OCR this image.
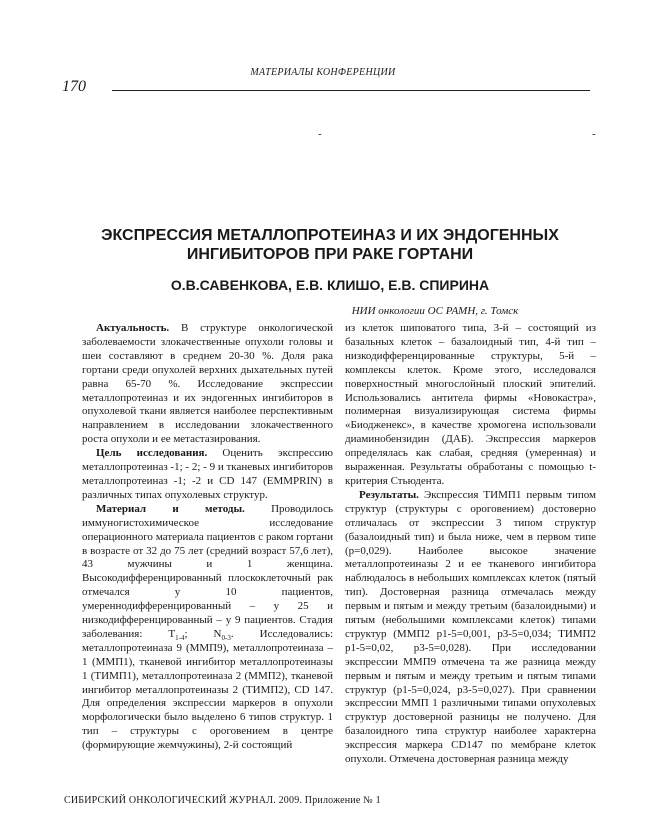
МАТЕРИАЛЫ КОНФЕРЕНЦИИ
170
-	-
ЭКСПРЕССИЯ МЕТАЛЛОПРОТЕИНАЗ И ИХ ЭНДОГЕННЫХ
ИНГИБИТОРОВ ПРИ РАКЕ ГОРТАНИ
О.В.САВЕНКОВА, Е.В. КЛИШО, Е.В. СПИРИНА
НИИ онкологии ОС РАМН, г. Томск

Актуальность. В структуре онкологической заболеваемости злокачественные опухоли головы и шеи составляют в среднем 20-30 %. Доля рака гортани среди опухолей верхних дыхательных путей равна 65-70 %. Исследование экспрессии металлопротеиназ и их эндогенных ингибиторов в опухолевой ткани является наиболее перспективным направлением в исследовании злокачественного роста опухоли и ее метастазирования.

Цель исследования. Оценить экспрессию металлопротеиназ -1; - 2; - 9 и тканевых ингибиторов металлопротеиназ -1; -2 и CD 147 (EMMPRIN) в различных типах опухолевых структур.

Материал и методы. Проводилось иммуногистохимическое исследование операционного материала пациентов с раком гортани в возрасте от 32 до 75 лет (средний возраст 57,6 лет), 43 мужчины и 1 женщина. Высокодифференцированный плоскоклеточный рак отмечался у 10 пациентов, умереннодифференцированный – у 25 и низкодифференцированный – у 9 пациентов. Стадия заболевания: $T_{1-4}$; $N_{0-3}$. Исследовались: металлопротеиназа 9 (ММП9), металлопротеиназа – 1 (ММП1), тканевой ингибитор металлопротеиназы 1 (ТИМП1), металлопротеиназа 2 (ММП2), тканевой ингибитор металлопротеиназы 2 (ТИМП2), CD 147. Для определения экспрессии маркеров в опухоли морфологически было выделено 6 типов структур. 1 тип – структуры с ороговением в центре (формирующие жемчужины), 2-й состоящий

из клеток шиповатого типа, 3-й – состоящий из базальных клеток – базалоидный тип, 4-й тип – низкодифференцированные структуры, 5-й – комплексы клеток. Кроме этого, исследовался поверхностный многослойный плоский эпителий. Использовались антитела фирмы «Новокастра», полимерная визуализирующая система фирмы «Биодженекс», в качестве хромогена использовали диаминобензидин (ДАБ). Экспрессия маркеров определялась как слабая, средняя (умеренная) и выраженная. Результаты обработаны с помощью t-критерия Стьюдента.

Результаты. Экспрессия ТИМП1 первым типом структур (структуры с ороговением) достоверно отличалась от экспрессии 3 типом структур (базалоидный тип) и была ниже, чем в первом типе (p=0,029). Наиболее высокое значение металлопротеиназы 2 и ее тканевого ингибитора наблюдалось в небольших комплексах клеток (пятый тип). Достоверная разница отмечалась между первым и пятым и между третьим (базалоидными) и пятым (небольшими комплексами клеток) типами структур (ММП2 p1-5=0,001, p3-5=0,034; ТИМП2 p1-5=0,02, p3-5=0,028). При исследовании экспрессии ММП9 отмечена та же разница между первым и пятым и между третьим и пятым типами структур (p1-5=0,024, p3-5=0,027). При сравнении экспрессии ММП 1 различными типами опухолевых структур достоверной разницы не получено. Для базалоидного типа структур наиболее характерна экспрессия маркера CD147 по мембране клеток опухоли. Отмечена достоверная разница между

СИБИРСКИЙ ОНКОЛОГИЧЕСКИЙ ЖУРНАЛ. 2009. Приложение № 1
